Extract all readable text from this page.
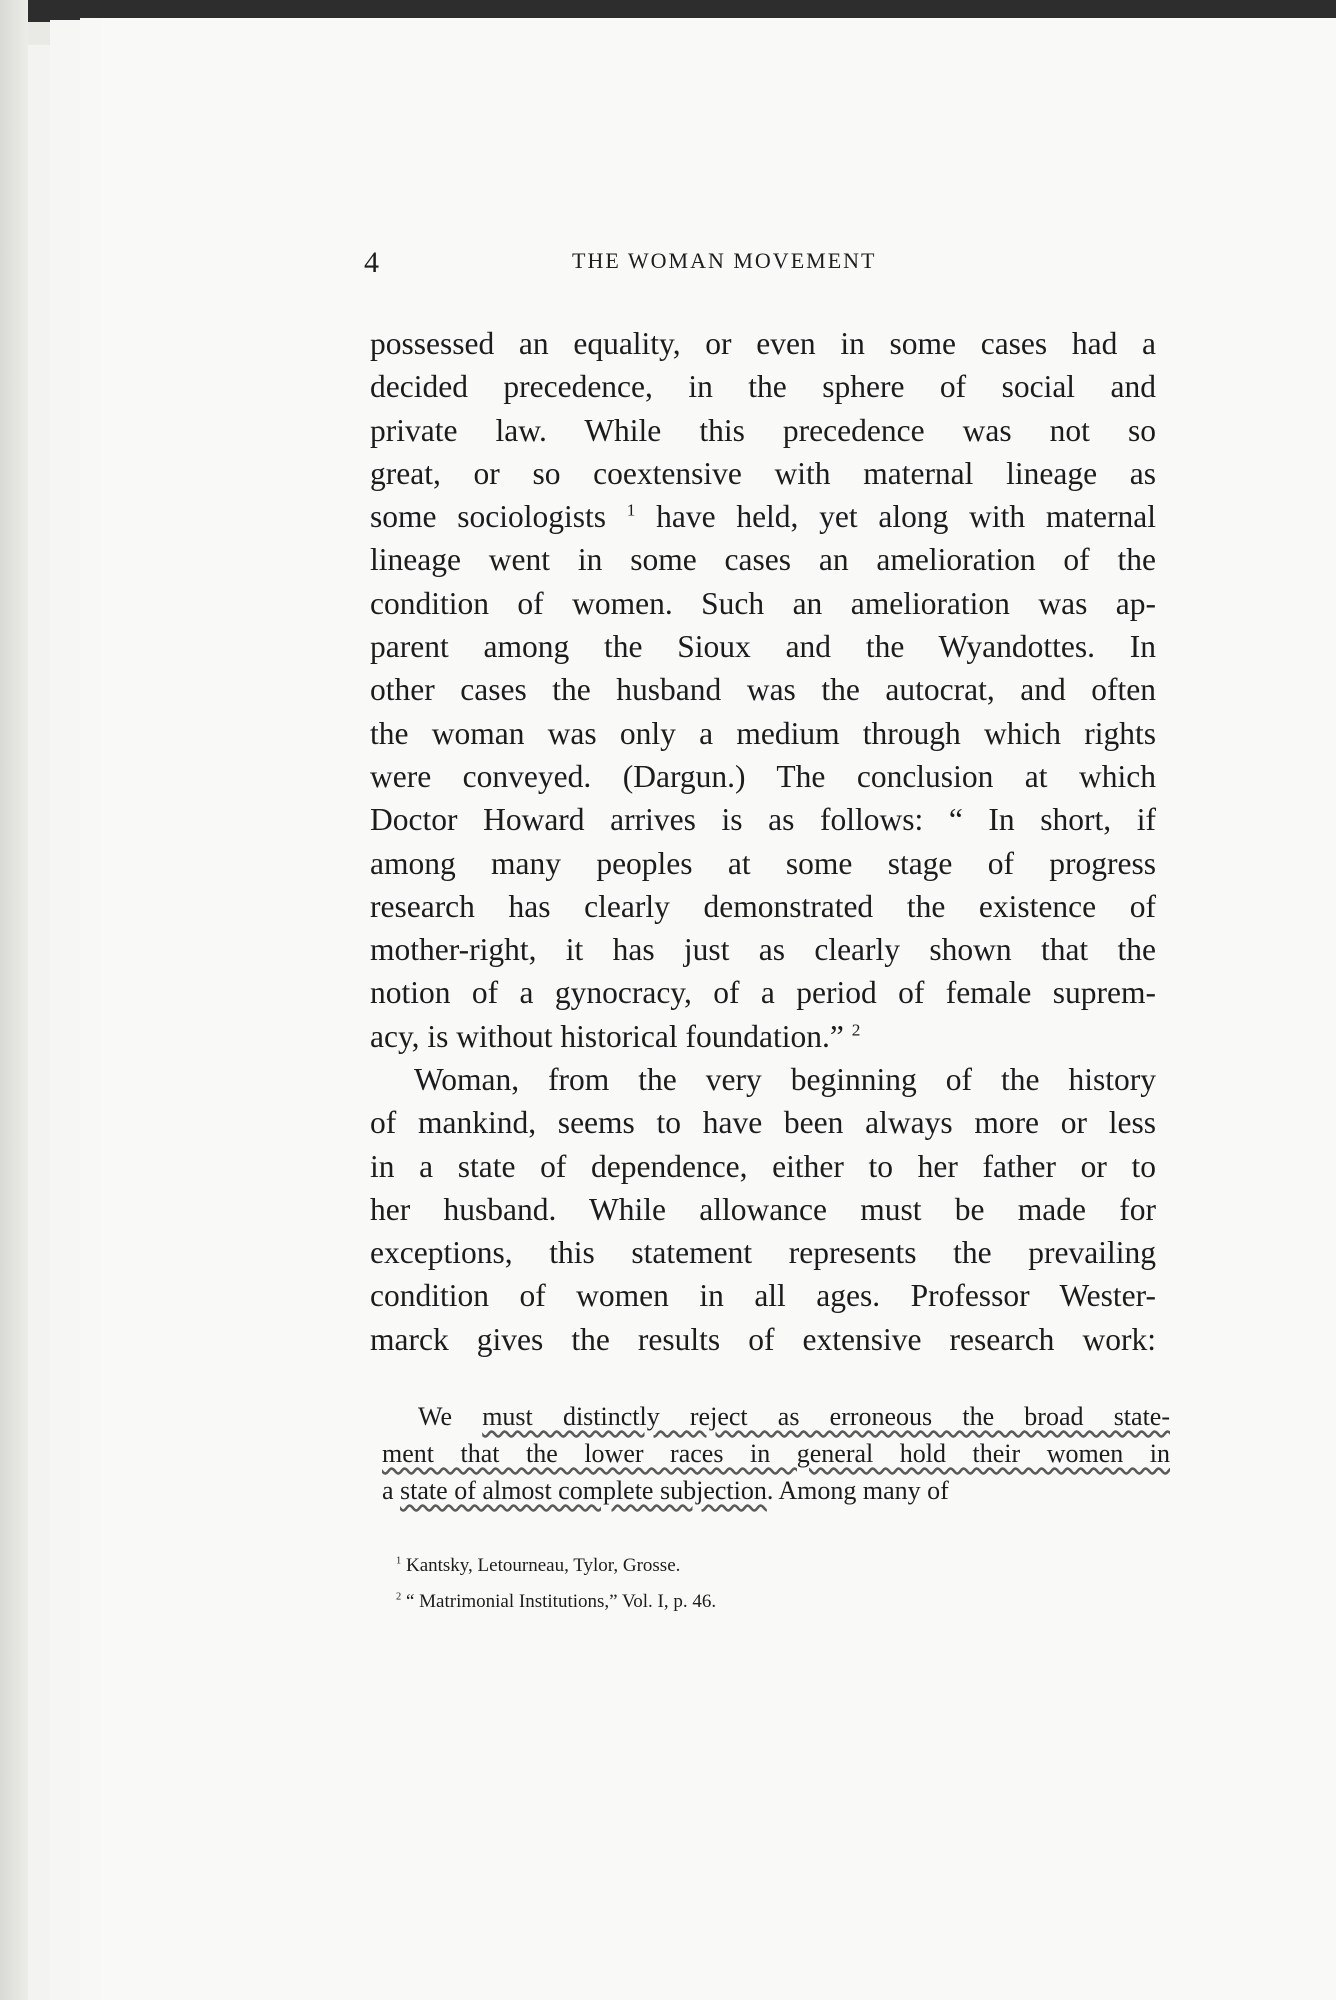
4	THE WOMAN MOVEMENT
possessed an equality, or even in some cases had a
decided precedence, in the sphere of social and
private law. While this precedence was not so
great, or so coextensive with maternal lineage as
some sociologists $^1$ have held, yet along with maternal
lineage went in some cases an amelioration of the
condition of women. Such an amelioration was ap-
parent among the Sioux and the Wyandottes. In
other cases the husband was the autocrat, and often
the woman was only a medium through which rights
were conveyed. (Dargun.) The conclusion at which
Doctor Howard arrives is as follows: “ In short, if
among many peoples at some stage of progress
research has clearly demonstrated the existence of
mother-right, it has just as clearly shown that the
notion of a gynocracy, of a period of female suprem-
acy, is without historical foundation.” $^2$
Woman, from the very beginning of the history
of mankind, seems to have been always more or less
in a state of dependence, either to her father or to
her husband. While allowance must be made for
exceptions, this statement represents the prevailing
condition of women in all ages. Professor Wester-
marck gives the results of extensive research work:
We must distinctly reject as erroneous the broad state-
ment that the lower races in general hold their women in
a state of almost complete subjection. Among many of
$^1$ Kantsky, Letourneau, Tylor, Grosse.
$^2$ “ Matrimonial Institutions,” Vol. I, p. 46.
